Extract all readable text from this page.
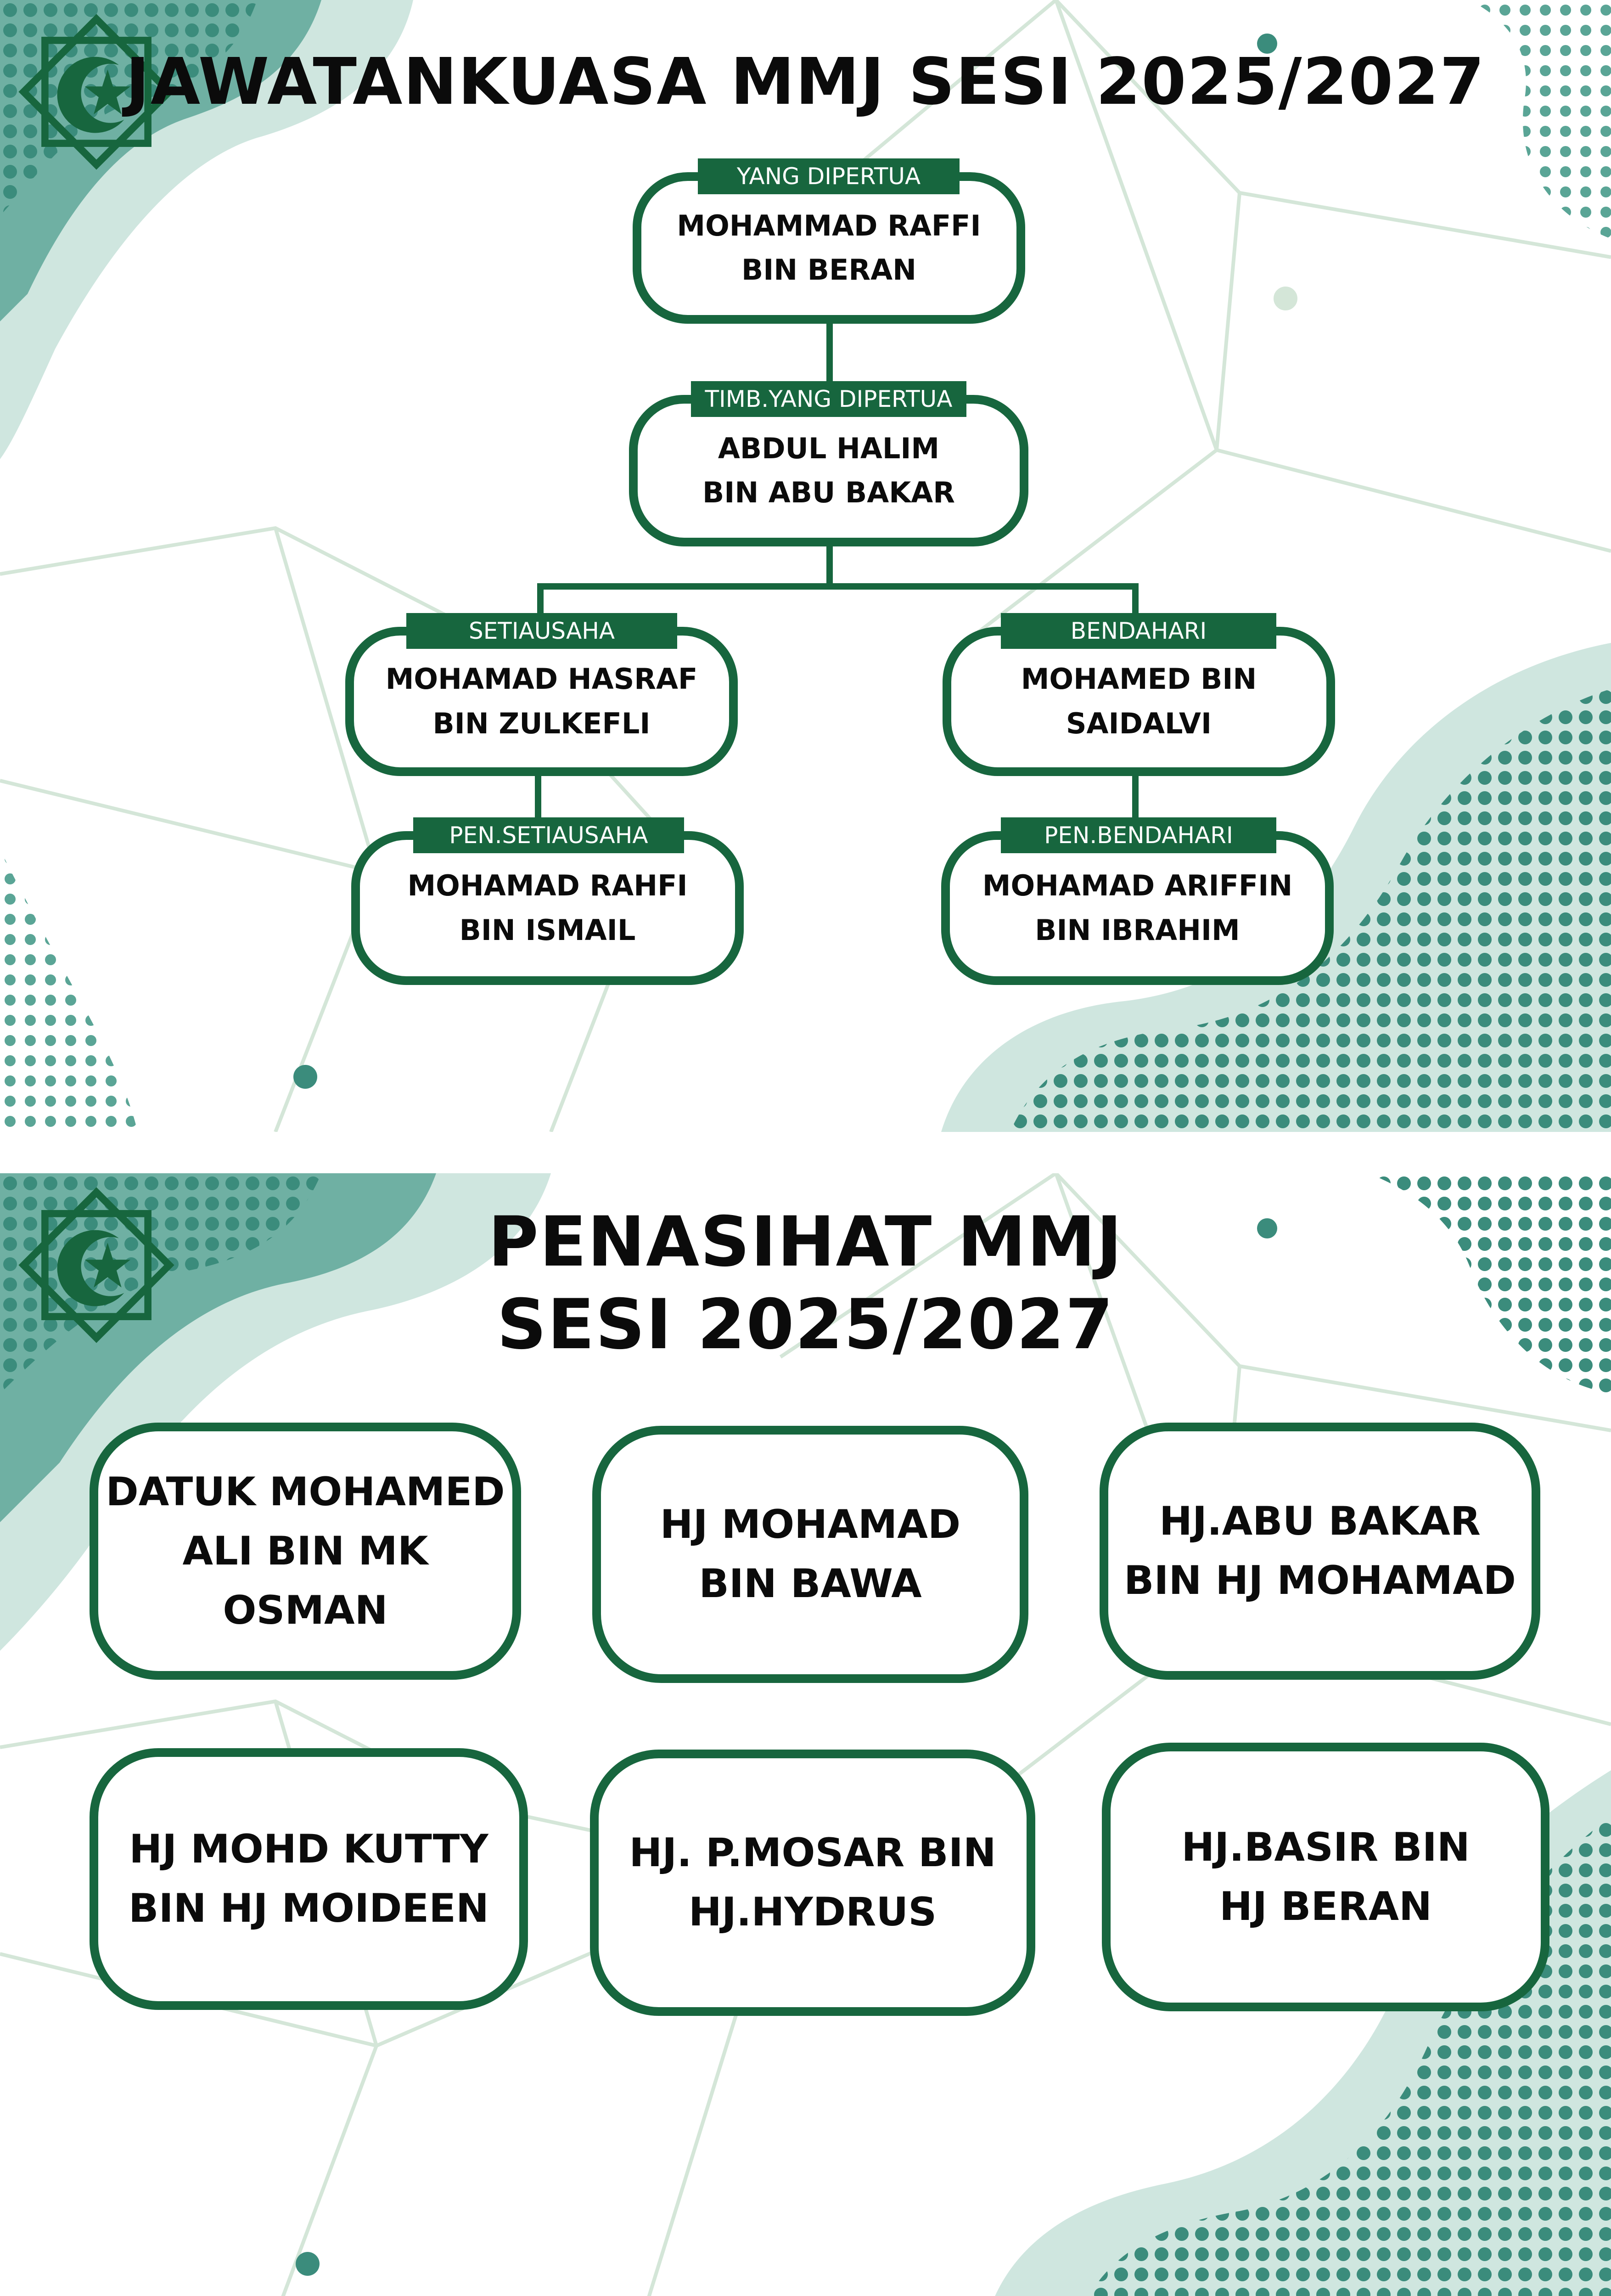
JAWATANKUASA MMJ SESI 2025/2027
MOHAMMAD RAFFI
BIN BERAN
YANG DIPERTUA
ABDUL HALIM
BIN ABU BAKAR
TIMB.YANG DIPERTUA
MOHAMAD HASRAF
BIN ZULKEFLI
SETIAUSAHA
MOHAMED BIN
SAIDALVI
BENDAHARI
MOHAMAD RAHFI
BIN ISMAIL
PEN.SETIAUSAHA
MOHAMAD ARIFFIN
BIN IBRAHIM
PEN.BENDAHARI
PENASIHAT MMJ
SESI 2025/2027
DATUK MOHAMED
ALI BIN MK OSMAN
HJ MOHAMAD
BIN BAWA
HJ.ABU BAKAR
BIN HJ MOHAMAD
HJ MOHD KUTTY
BIN HJ MOIDEEN
HJ. P.MOSAR BIN
HJ.HYDRUS
HJ.BASIR BIN
HJ BERAN
